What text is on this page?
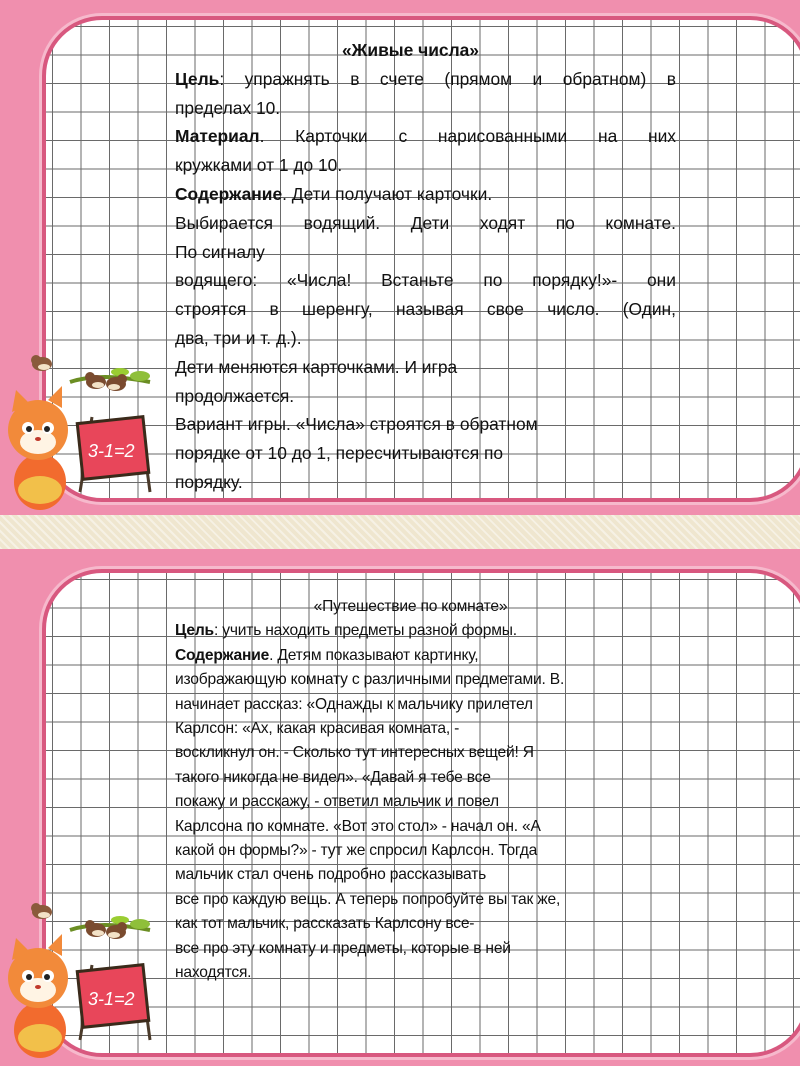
«Живые числа»
Цель: упражнять в счете (прямом и обратном) в
пределах 10.
Материал. Карточки с нарисованными на них
кружками от 1 до 10.
Содержание. Дети получают карточки.
Выбирается водящий. Дети ходят по комнате.
По сигналу
водящего: «Числа! Встаньте по порядку!»- они
строятся в шеренгу, называя свое число. (Один,
два, три и т. д.).
Дети меняются карточками. И игра
продолжается.
Вариант игры. «Числа» строятся в обратном
порядке от 10 до 1, пересчитываются по
порядку.
«Путешествие по комнате»
Цель: учить находить предметы разной формы.
Содержание. Детям показывают картинку,
изображающую комнату с различными предметами. В.
начинает рассказ: «Однажды к мальчику прилетел
Карлсон: «Ах, какая красивая комната, -
воскликнул он. - Сколько тут интересных вещей! Я
такого никогда не видел». «Давай я тебе все
покажу и расскажу, - ответил мальчик и повел
Карлсона по комнате. «Вот это стол» - начал он. «А
какой он формы?» - тут же спросил Карлсон. Тогда
мальчик стал очень подробно рассказывать
все про каждую вещь. А теперь попробуйте вы так же,
как тот мальчик, рассказать Карлсону все-
все про эту комнату и предметы, которые в ней
находятся.
3-1=2
3-1=2
